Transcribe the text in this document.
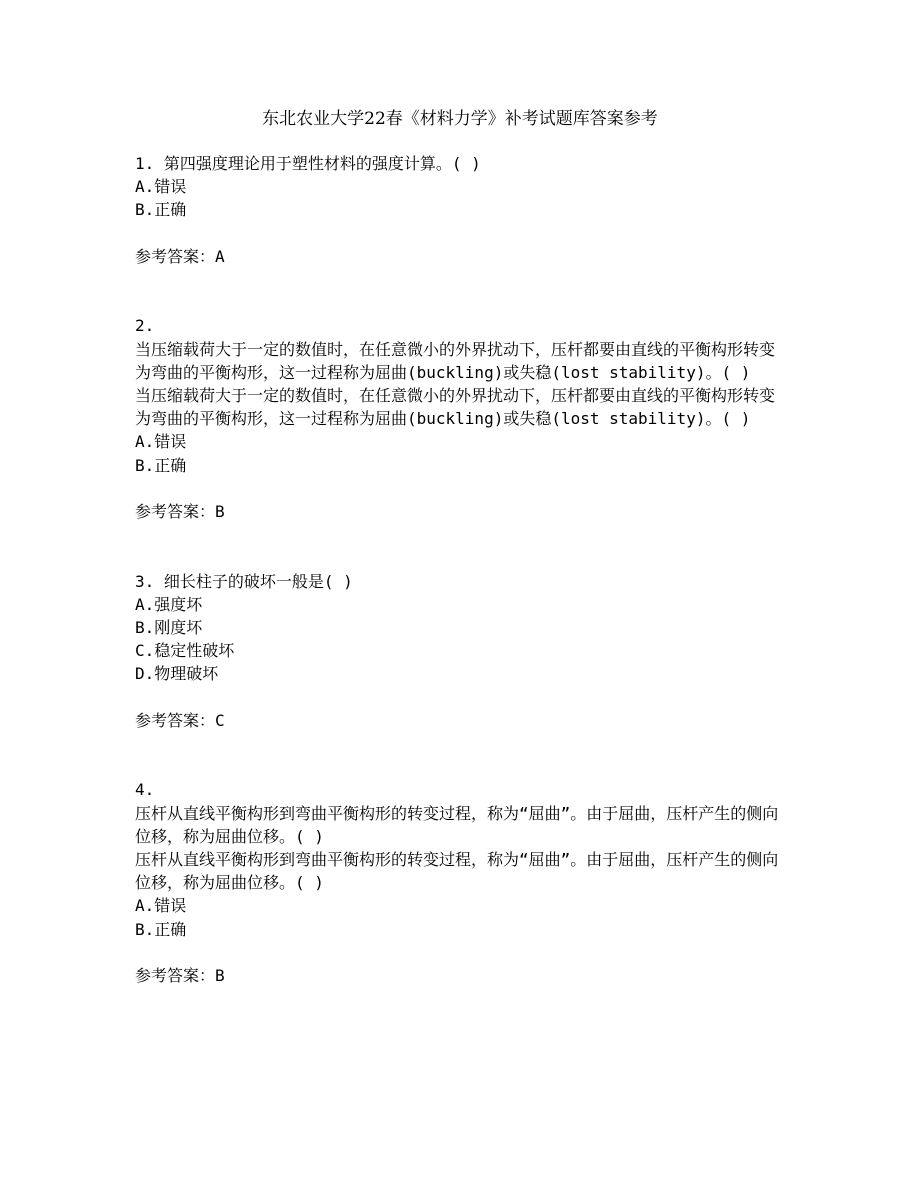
东北农业大学22春《材料力学》补考试题库答案参考
1. 第四强度理论用于塑性材料的强度计算。( )
A.错误
B.正确
参考答案：A
2.
当压缩载荷大于一定的数值时，在任意微小的外界扰动下，压杆都要由直线的平衡构形转变为弯曲的平衡构形，这一过程称为屈曲(buckling)或失稳(lost stability)。( )
当压缩载荷大于一定的数值时，在任意微小的外界扰动下，压杆都要由直线的平衡构形转变为弯曲的平衡构形，这一过程称为屈曲(buckling)或失稳(lost stability)。( )
A.错误
B.正确
参考答案：B
3. 细长柱子的破坏一般是( )
A.强度坏
B.刚度坏
C.稳定性破坏
D.物理破坏
参考答案：C
4.
压杆从直线平衡构形到弯曲平衡构形的转变过程，称为“屈曲”。由于屈曲，压杆产生的侧向位移，称为屈曲位移。( )
压杆从直线平衡构形到弯曲平衡构形的转变过程，称为“屈曲”。由于屈曲，压杆产生的侧向位移，称为屈曲位移。( )
A.错误
B.正确
参考答案：B
